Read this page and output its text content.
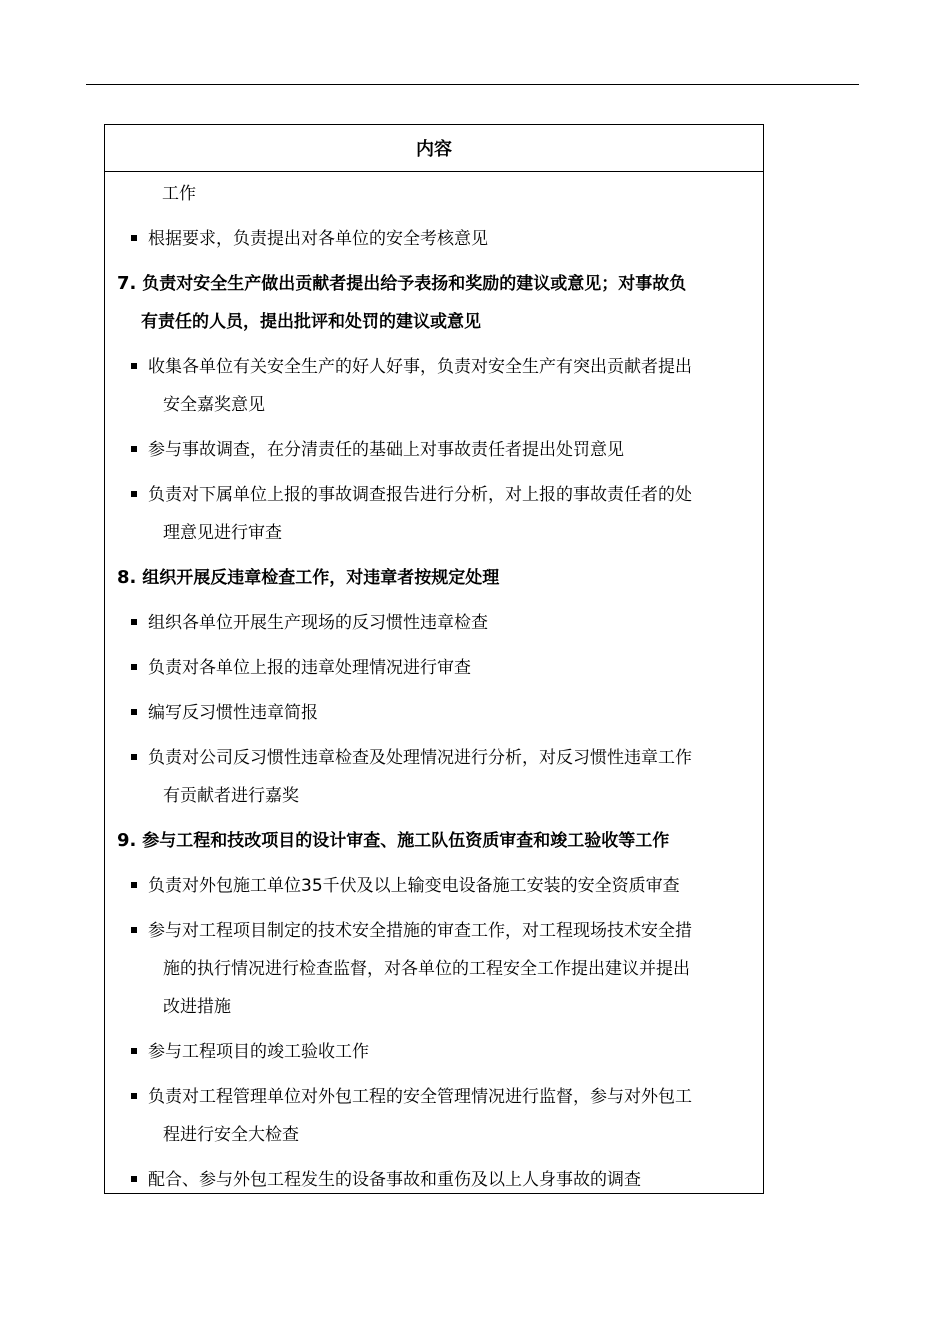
内容
工作
根据要求，负责提出对各单位的安全考核意见
7. 负责对安全生产做出贡献者提出给予表扬和奖励的建议或意见；对事故负
有责任的人员，提出批评和处罚的建议或意见
收集各单位有关安全生产的好人好事，负责对安全生产有突出贡献者提出
安全嘉奖意见
参与事故调查，在分清责任的基础上对事故责任者提出处罚意见
负责对下属单位上报的事故调查报告进行分析，对上报的事故责任者的处
理意见进行审查
8. 组织开展反违章检查工作，对违章者按规定处理
组织各单位开展生产现场的反习惯性违章检查
负责对各单位上报的违章处理情况进行审查
编写反习惯性违章简报
负责对公司反习惯性违章检查及处理情况进行分析，对反习惯性违章工作
有贡献者进行嘉奖
9. 参与工程和技改项目的设计审查、施工队伍资质审查和竣工验收等工作
负责对外包施工单位35千伏及以上输变电设备施工安装的安全资质审查
参与对工程项目制定的技术安全措施的审查工作，对工程现场技术安全措
施的执行情况进行检查监督，对各单位的工程安全工作提出建议并提出
改进措施
参与工程项目的竣工验收工作
负责对工程管理单位对外包工程的安全管理情况进行监督，参与对外包工
程进行安全大检查
配合、参与外包工程发生的设备事故和重伤及以上人身事故的调查
